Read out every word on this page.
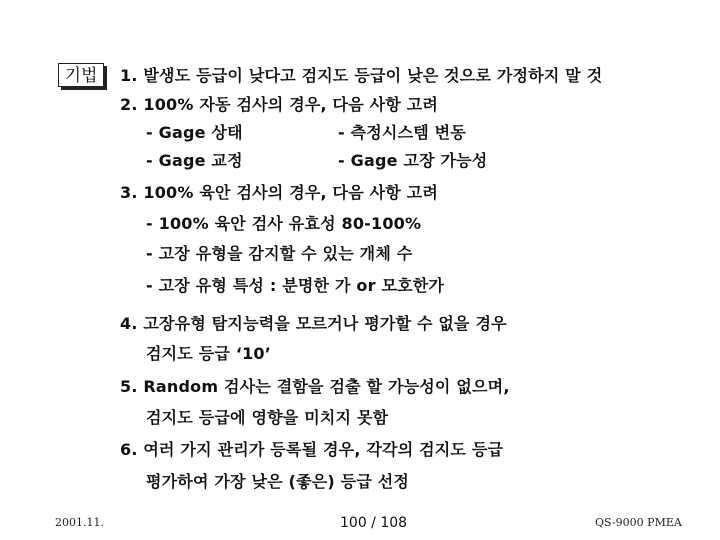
기법	1. 발생도 등급이 낮다고 검지도 등급이 낮은 것으로 가정하지 말 것
2. 100% 자동 검사의 경우, 다음 사항 고려
- Gage 상태	- 측정시스템 변동
- Gage 교정	- Gage 고장 가능성
3. 100% 육안 검사의 경우, 다음 사항 고려
- 100% 육안 검사 유효성 80-100%
- 고장 유형을 감지할 수 있는 개체 수
- 고장 유형 특성 : 분명한 가 or 모호한가
4. 고장유형 탐지능력을 모르거나 평가할 수 없을 경우
검지도 등급 ‘10’
5. Random 검사는 결함을 검출 할 가능성이 없으며,
검지도 등급에 영향을 미치지 못함
6. 여러 가지 관리가 등록될 경우, 각각의 검지도 등급
평가하여 가장 낮은 (좋은) 등급 선정
2001.11.	100 / 108	QS-9000 PMEA
